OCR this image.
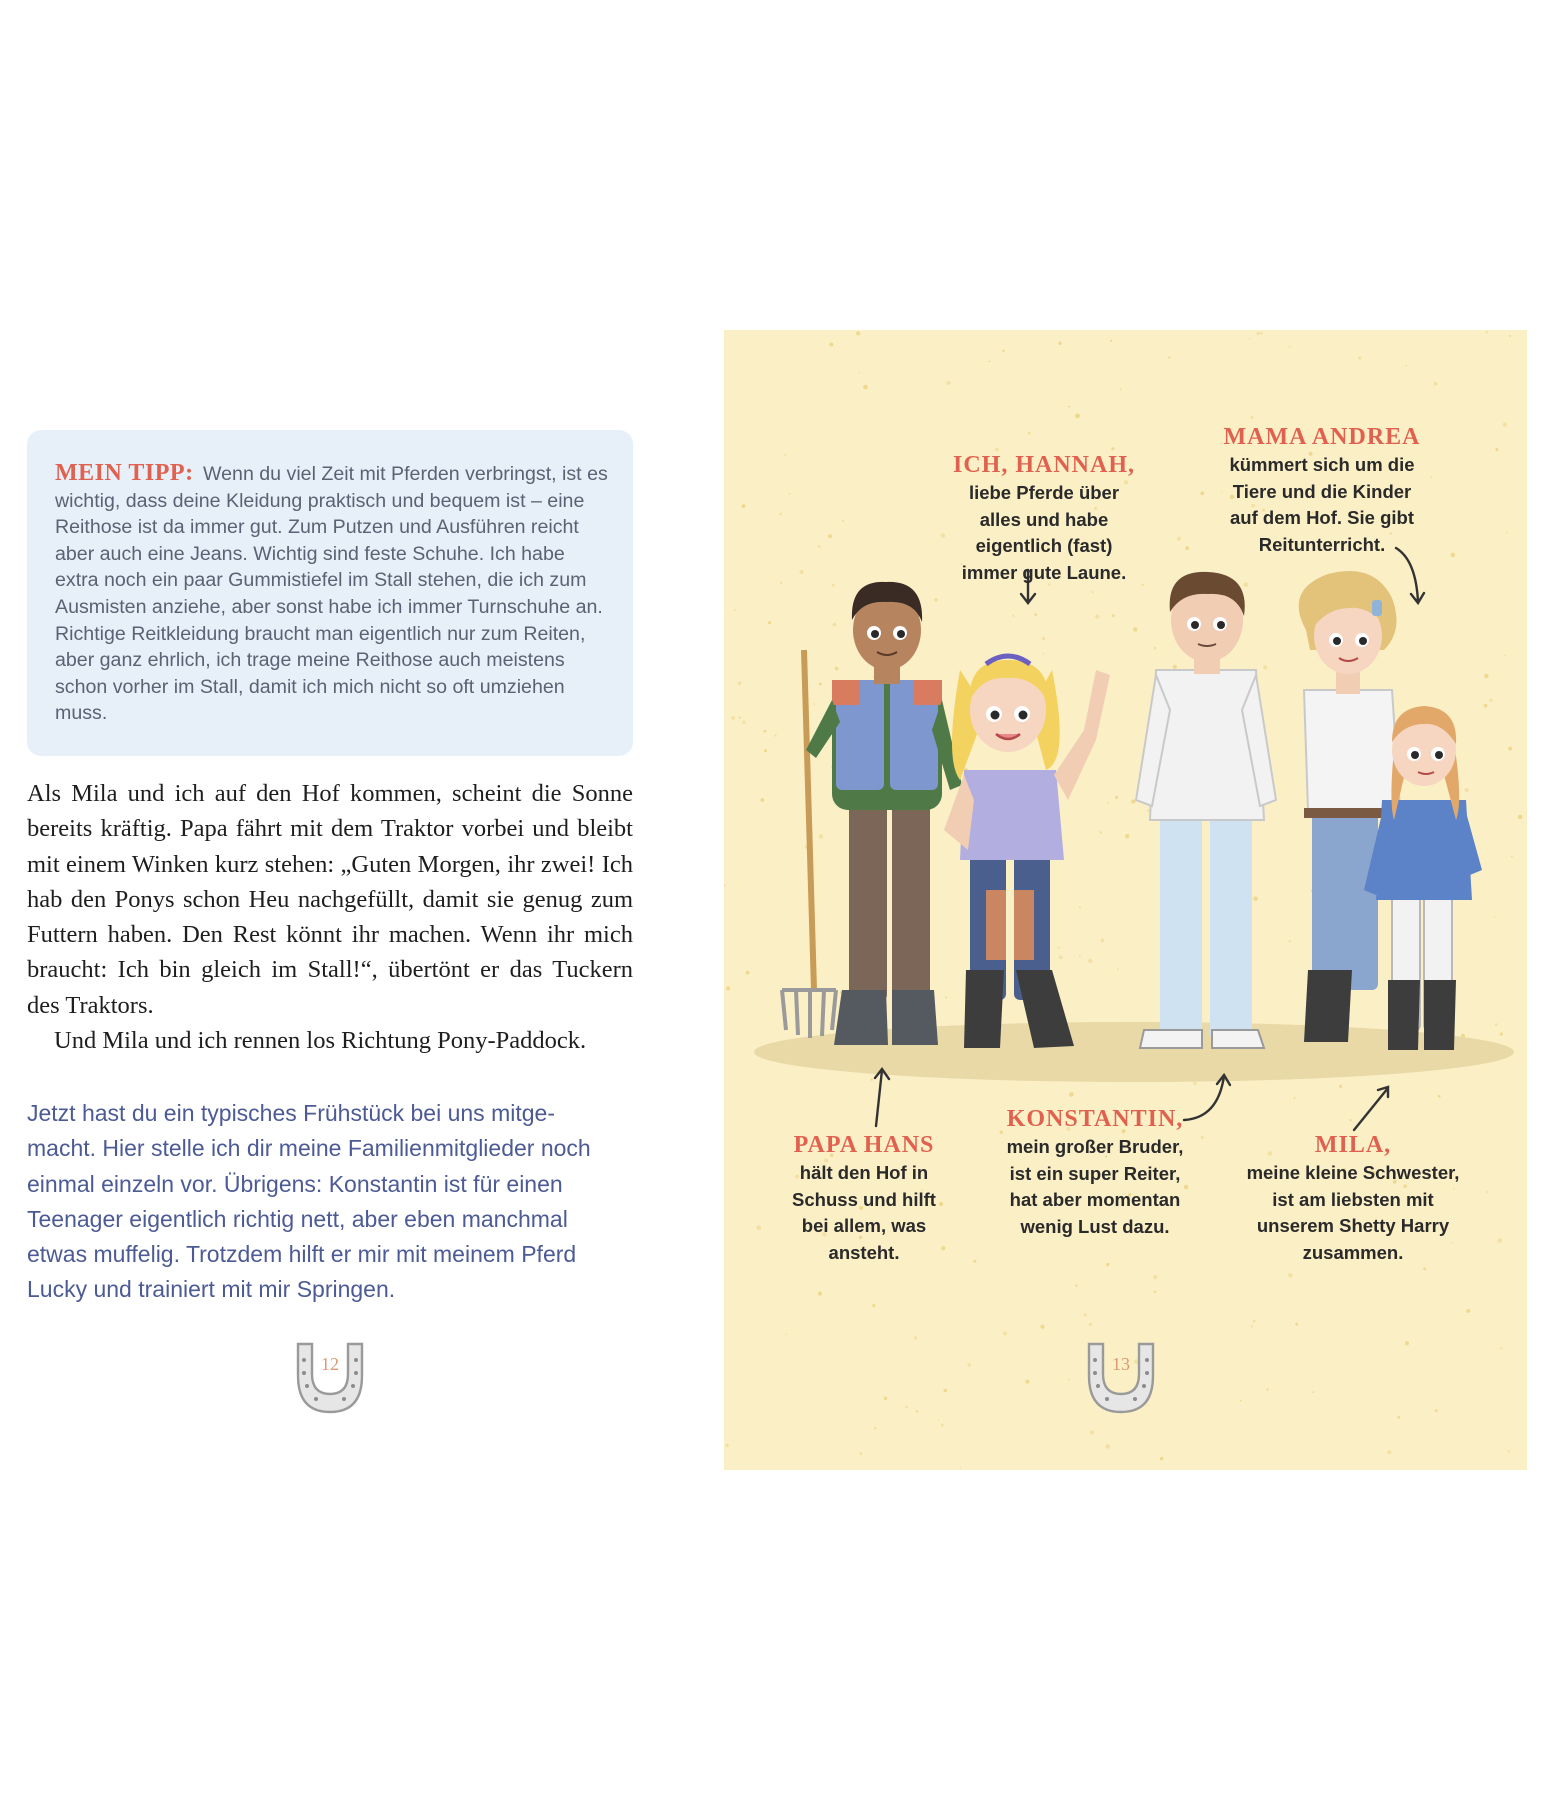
MEIN TIPP: Wenn du viel Zeit mit Pferden verbringst, ist es wichtig, dass deine Kleidung praktisch und bequem ist – eine Reithose ist da immer gut. Zum Putzen und Ausführen reicht aber auch eine Jeans. Wichtig sind feste Schuhe. Ich habe extra noch ein paar Gummistiefel im Stall stehen, die ich zum Ausmisten anziehe, aber sonst habe ich immer Turnschuhe an. Richtige Reitkleidung braucht man eigentlich nur zum Reiten, aber ganz ehrlich, ich trage meine Reithose auch meistens schon vorher im Stall, damit ich mich nicht so oft umziehen muss.

Als Mila und ich auf den Hof kommen, scheint die Sonne bereits kräftig. Papa fährt mit dem Traktor vorbei und bleibt mit einem Winken kurz stehen: „Guten Morgen, ihr zwei! Ich hab den Ponys schon Heu nachgefüllt, damit sie genug zum Futtern haben. Den Rest könnt ihr machen. Wenn ihr mich braucht: Ich bin gleich im Stall!“, übertönt er das Tuckern des Traktors.

Und Mila und ich rennen los Richtung Pony-Paddock.

Jetzt hast du ein typisches Frühstück bei uns mitgemacht. Hier stelle ich dir meine Familienmitglieder noch einmal einzeln vor. Übrigens: Konstantin ist für einen Teenager eigentlich richtig nett, aber eben manchmal etwas muffelig. Trotzdem hilft er mir mit meinem Pferd Lucky und trainiert mit mir Springen.

12
ICH, HANNAH,
liebe Pferde über
alles und habe
eigentlich (fast)
immer gute Laune.
MAMA ANDREA
kümmert sich um die
Tiere und die Kinder
auf dem Hof. Sie gibt
Reitunterricht.
PAPA HANS
hält den Hof in
Schuss und hilft
bei allem, was
ansteht.
KONSTANTIN,
mein großer Bruder,
ist ein super Reiter,
hat aber momentan
wenig Lust dazu.
MILA,
meine kleine Schwester,
ist am liebsten mit
unserem Shetty Harry
zusammen.
13
